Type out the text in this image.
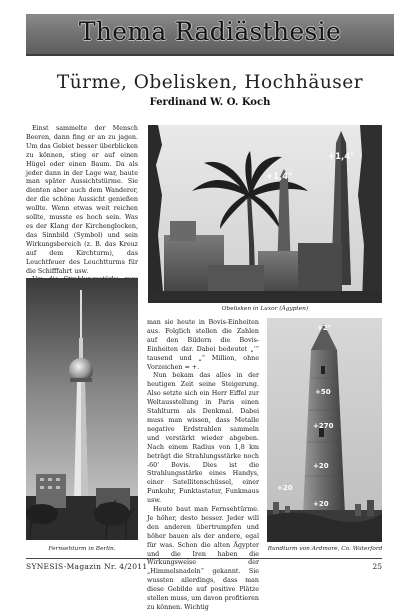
Thema Radiästhesie
Türme, Obelisken, Hochhäuser
Ferdinand W. O. Koch

Einst sammelte der Mensch Beeren, dann fing er an zu jagen. Um das Gebiet besser überblicken zu können, stieg er auf einen Hügel oder einen Baum. Da als jeder dann in der Lage war, baute man später Aussichtstürme. Sie dienten aber auch dem Wanderer, der die schöne Aussicht genießen wollte. Wenn etwas weit reichen sollte, musste es hoch sein. Was es der Klang der Kirchenglocken, das Sinnbild (Symbol) und sein Wirkungsbereich (z. B. das Kreuz auf dem Kirchturm), das Leuchtfeuer des Leuchtturms für die Schifffahrt usw.

+1,4°
+1,4°
Obelisken in Luxor (Ägypten)
Fernsehturm in Berlin.

man sie heute in Bovis-Einheiten aus. Folglich stellen die Zahlen auf den Bildern die Bovis-Einheiten dar. Dabei bedeutet „‘“ tausend und „“ Million, ohne Vorzeichen = +.

Nun bekam das alles in der heutigen Zeit seine Steigerung. Also setzte sich ein Herr Eiffel zur Weltausstellung in Paris einen Stahlturm als Denkmal. Dabei muss man wissen, dass Metalle negative Erdstrahlen sammeln und verstärkt wieder abgeben. Nach einem Radius von 1,8 km beträgt die Strahlungsstärke noch -60' Bovis. Dies ist die Strahlungsstärke eines Handys, einer Satellitenschüssel, einer Funkuhr, Funktastatur, Funkmaus usw.

Heute baut man Fernsehtürme. Je höher, desto besser. Jeder will den anderen übertrumpfen und höher bauen als der andere, egal für was. Schon die alten Ägypter und die Iren haben die Wirkungsweise der „Himmelsnadeln“ gekannt. Sie wussten allerdings, dass man diese Gebilde auf positive Plätze stellen muss, um davon profitieren zu können. Wichtig

+2°
+50
+270
+20
+20
+20
Rundturm von Ardmore, Co. Waterford
SYNESIS-Magazin Nr. 4/2011	25
